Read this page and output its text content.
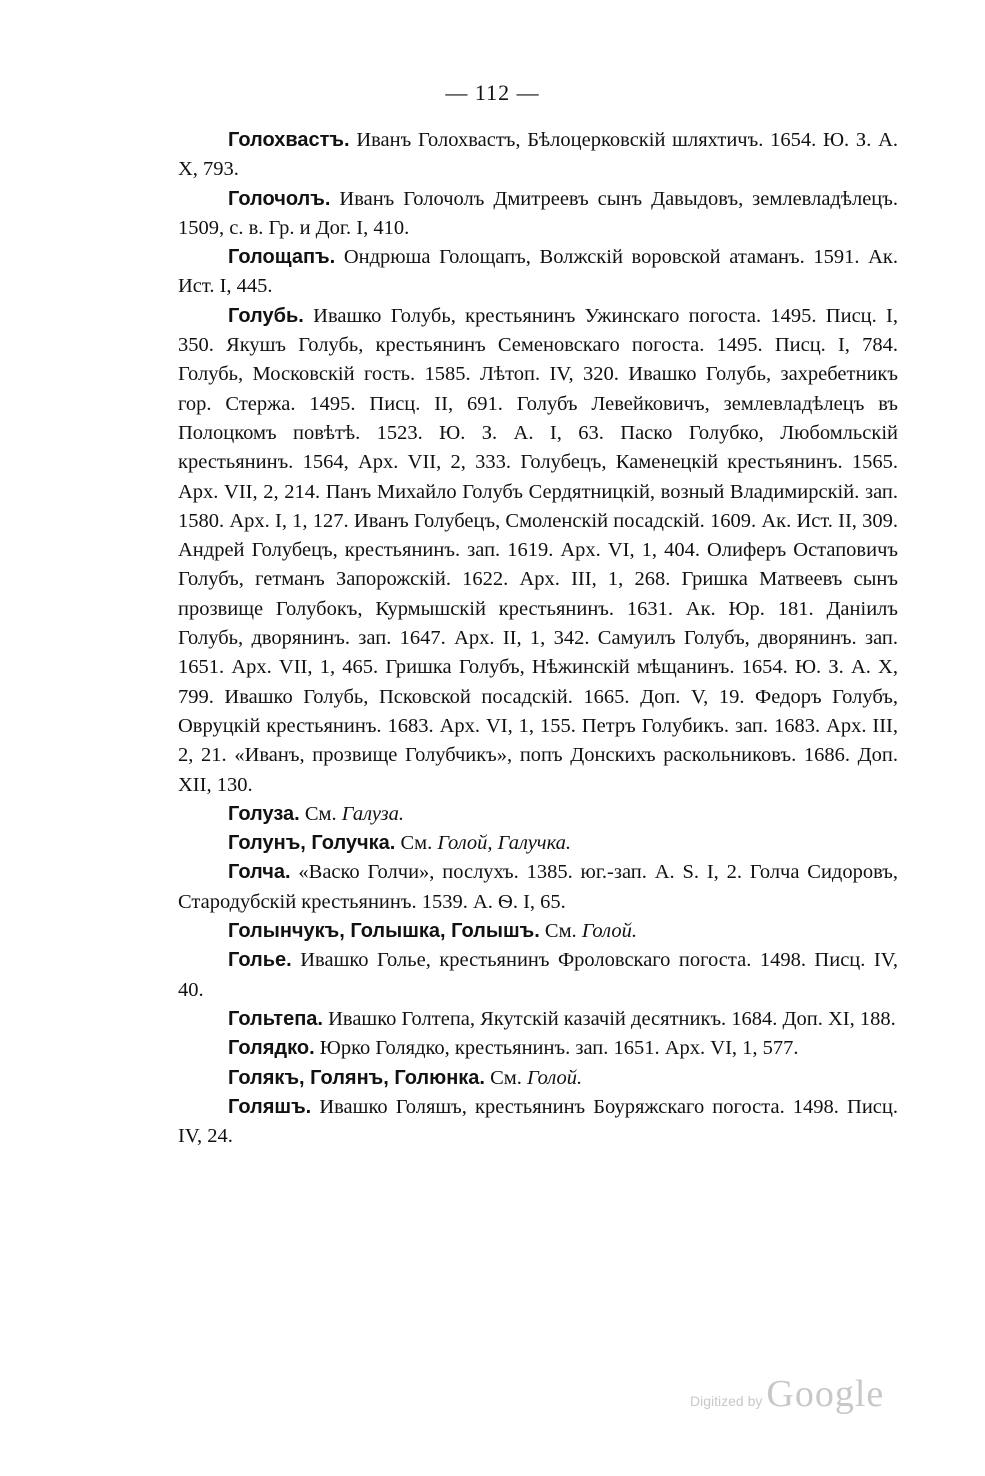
— 112 —

Голохвастъ. Иванъ Голохвастъ, Бѣлоцерковскій шляхтичъ. 1654. Ю. З. А. X, 793.

Голочолъ. Иванъ Голочолъ Дмитреевъ сынъ Давыдовъ, землевладѣлецъ. 1509, с. в. Гр. и Дог. I, 410.

Голощапъ. Ондрюша Голощапъ, Волжскій воровской атаманъ. 1591. Ак. Ист. I, 445.

Голубь. Ивашко Голубь, крестьянинъ Ужинскаго погоста. 1495. Писц. I, 350. Якушъ Голубь, крестьянинъ Семеновскаго погоста. 1495. Писц. I, 784. Голубь, Московскій гость. 1585. Лѣтоп. IV, 320. Ивашко Голубь, захребетникъ гор. Стержа. 1495. Писц. II, 691. Голубъ Левейковичъ, землевладѣлецъ въ Полоцкомъ повѣтѣ. 1523. Ю. З. А. I, 63. Паско Голубко, Любомльскій крестьянинъ. 1564, Арх. VII, 2, 333. Голубецъ, Каменецкій крестьянинъ. 1565. Арх. VII, 2, 214. Панъ Михайло Голубъ Сердятницкій, возный Владимирскій. зап. 1580. Арх. I, 1, 127. Иванъ Голубецъ, Смоленскій посадскій. 1609. Ак. Ист. II, 309. Андрей Голубецъ, крестьянинъ. зап. 1619. Арх. VI, 1, 404. Олиферъ Остаповичъ Голубъ, гетманъ Запорожскій. 1622. Арх. III, 1, 268. Гришка Матвеевъ сынъ прозвище Голубокъ, Курмышскій крестьянинъ. 1631. Ак. Юр. 181. Даніилъ Голубь, дворянинъ. зап. 1647. Арх. II, 1, 342. Самуилъ Голубъ, дворянинъ. зап. 1651. Арх. VII, 1, 465. Гришка Голубъ, Нѣжинскій мѣщанинъ. 1654. Ю. З. А. X, 799. Ивашко Голубь, Псковской посадскій. 1665. Доп. V, 19. Федоръ Голубъ, Овруцкій крестьянинъ. 1683. Арх. VI, 1, 155. Петръ Голубикъ. зап. 1683. Арх. III, 2, 21. «Иванъ, прозвище Голубчикъ», попъ Донскихъ раскольниковъ. 1686. Доп. XII, 130.

Голуза. См. Галуза.

Голунъ, Голучка. См. Голой, Галучка.

Голча. «Васко Голчи», послухъ. 1385. юг.-зап. А. S. I, 2. Голча Сидоровъ, Стародубскій крестьянинъ. 1539. А. Ѳ. I, 65.

Голынчукъ, Голышка, Голышъ. См. Голой.

Голье. Ивашко Голье, крестьянинъ Фроловскаго погоста. 1498. Писц. IV, 40.

Гольтепа. Ивашко Голтепа, Якутскій казачій десятникъ. 1684. Доп. XI, 188.

Голядко. Юрко Голядко, крестьянинъ. зап. 1651. Арх. VI, 1, 577.

Голякъ, Голянъ, Голюнка. См. Голой.

Голяшъ. Ивашко Голяшъ, крестьянинъ Боуряжскаго погоста. 1498. Писц. IV, 24.

Digitized by Google
